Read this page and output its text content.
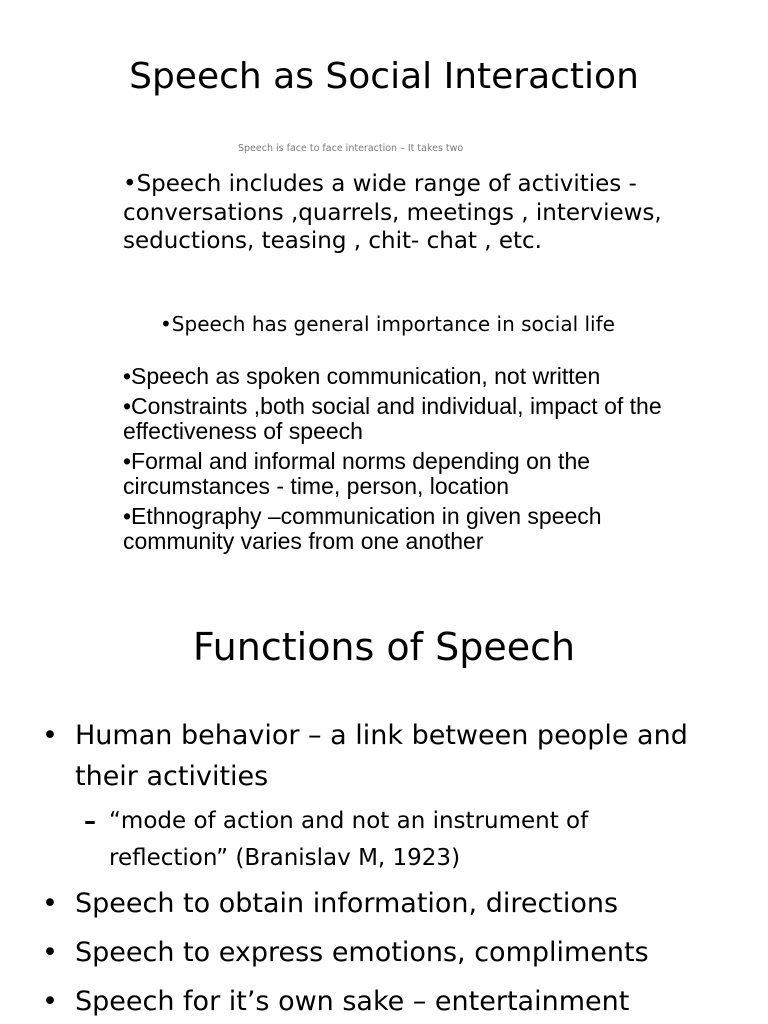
Speech as Social Interaction
Speech is face to face interaction – It takes two

•Speech includes a wide range of activities - conversations ,quarrels, meetings , interviews, seductions, teasing , chit- chat , etc.

•Speech has general importance in social life

•Speech as spoken communication, not written
•Constraints ,both social and individual, impact of the effectiveness of speech
•Formal and informal norms depending on the circumstances - time, person, location
•Ethnography –communication in given speech community varies from one another
Functions of Speech
• Human behavior – a link between people and
their activities
– “mode of action and not an instrument of
reflection” (Branislav M, 1923)
• Speech to obtain information, directions
• Speech to express emotions, compliments
• Speech for it’s own sake – entertainment
